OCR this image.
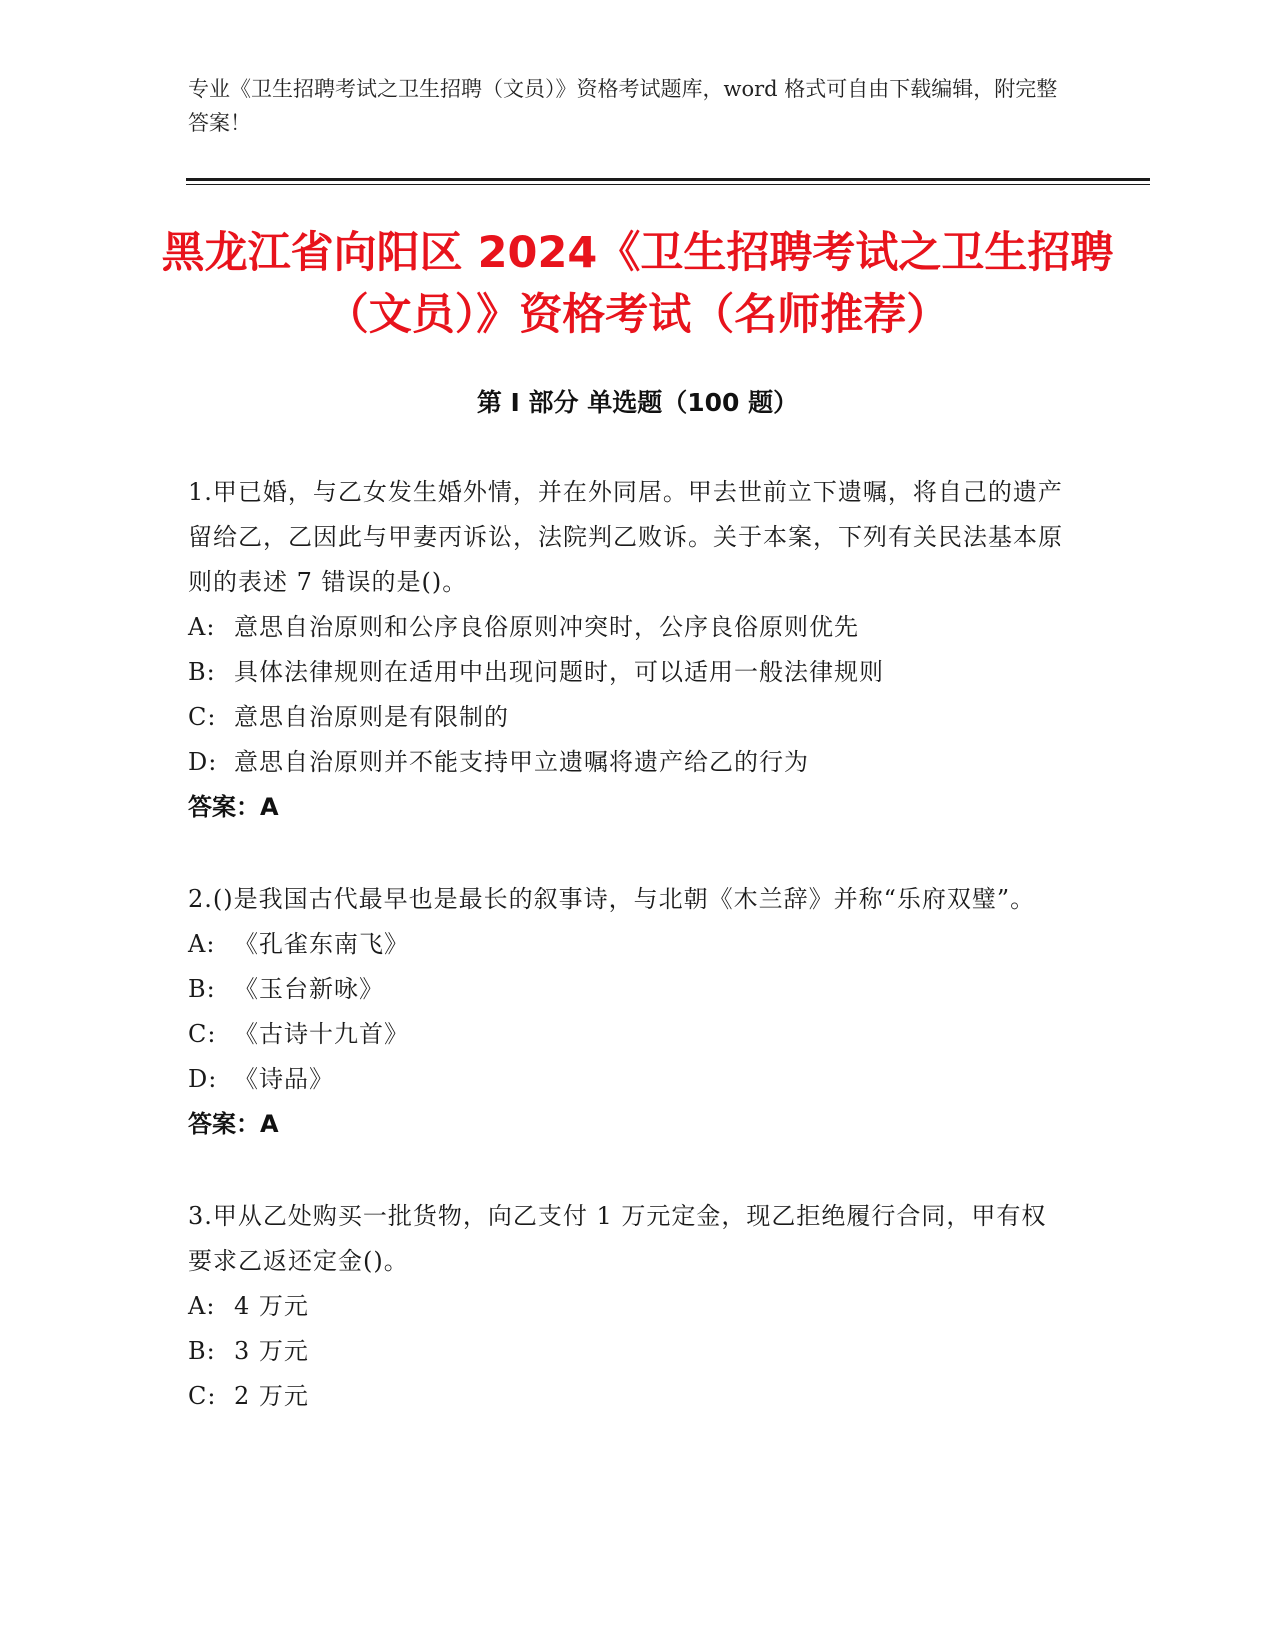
专业《卫生招聘考试之卫生招聘（文员）》资格考试题库，word 格式可自由下载编辑，附完整答案！
黑龙江省向阳区 2024《卫生招聘考试之卫生招聘（文员）》资格考试（名师推荐）
第 I 部分 单选题（100 题）
1.甲已婚，与乙女发生婚外情，并在外同居。甲去世前立下遗嘱，将自己的遗产留给乙，乙因此与甲妻丙诉讼，法院判乙败诉。关于本案，下列有关民法基本原则的表述 7 错误的是()。
A: 意思自治原则和公序良俗原则冲突时，公序良俗原则优先
B: 具体法律规则在适用中出现问题时，可以适用一般法律规则
C: 意思自治原则是有限制的
D: 意思自治原则并不能支持甲立遗嘱将遗产给乙的行为
答案：A
2.()是我国古代最早也是最长的叙事诗，与北朝《木兰辞》并称“乐府双璧”。
A: 《孔雀东南飞》
B: 《玉台新咏》
C: 《古诗十九首》
D: 《诗品》
答案：A
3.甲从乙处购买一批货物，向乙支付 1 万元定金，现乙拒绝履行合同，甲有权要求乙返还定金()。
A: 4 万元
B: 3 万元
C: 2 万元
